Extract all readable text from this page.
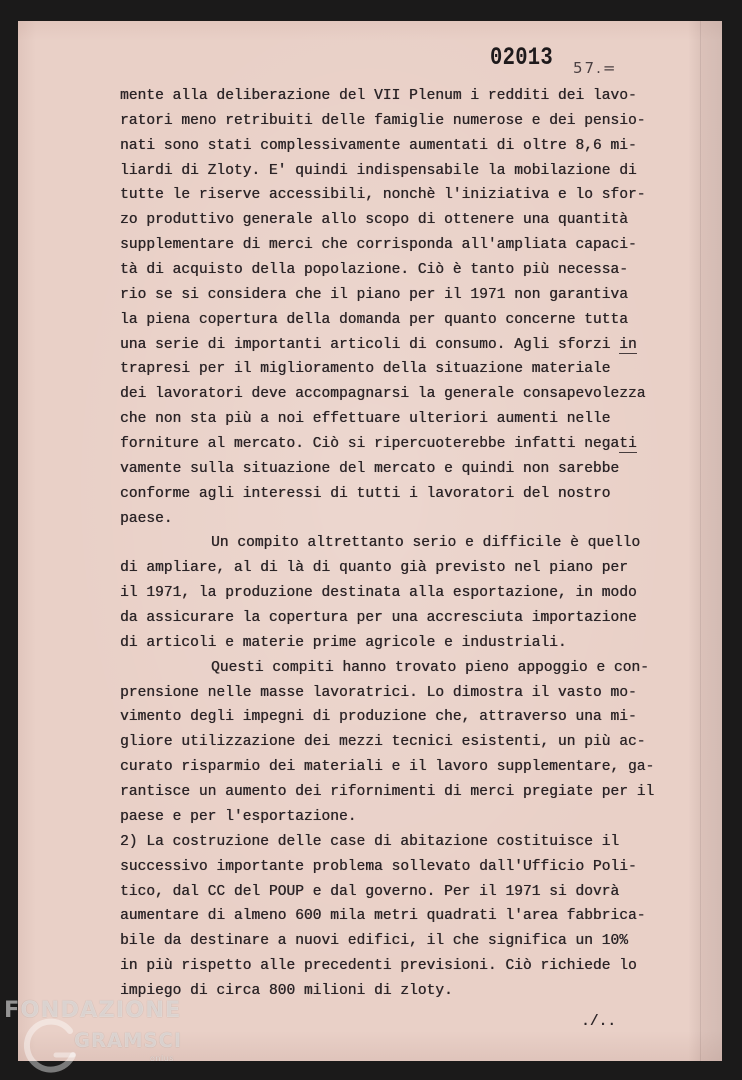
02013 57.=
mente alla deliberazione del VII Plenum i redditi dei lavo-
ratori meno retribuiti delle famiglie numerose e dei pensio-
nati sono stati complessivamente aumentati di oltre 8,6 mi-
liardi di Zloty. E' quindi indispensabile la mobilazione di
tutte le riserve accessibili, nonchè l'iniziativa e lo sfor-
zo produttivo generale allo scopo di ottenere una quantità
supplementare di merci che corrisponda all'ampliata capaci-
tà di acquisto della popolazione. Ciò è tanto più necessa-
rio se si considera che il piano per il 1971 non garantiva
la piena copertura della domanda per quanto concerne tutta
una serie di importanti articoli di consumo. Agli sforzi in
trapresi per il miglioramento della situazione materiale
dei lavoratori deve accompagnarsi la generale consapevolezza
che non sta più a noi effettuare ulteriori aumenti nelle
forniture al mercato. Ciò si ripercuoterebbe infatti negati
vamente sulla situazione del mercato e quindi non sarebbe
conforme agli interessi di tutti i lavoratori del nostro
paese.
Un compito altrettanto serio e difficile è quello
di ampliare, al di là di quanto già previsto nel piano per
il 1971, la produzione destinata alla esportazione, in modo
da assicurare la copertura per una accresciuta importazione
di articoli e materie prime agricole e industriali.
Questi compiti hanno trovato pieno appoggio e con-
prensione nelle masse lavoratrici. Lo dimostra il vasto mo-
vimento degli impegni di produzione che, attraverso una mi-
gliore utilizzazione dei mezzi tecnici esistenti, un più ac-
curato risparmio dei materiali e il lavoro supplementare, ga-
rantisce un aumento dei rifornimenti di merci pregiate per il
paese e per l'esportazione.
2) La costruzione delle case di abitazione costituisce il
successivo importante problema sollevato dall'Ufficio Poli-
tico, dal CC del POUP e dal governo. Per il 1971 si dovrà
aumentare di almeno 600 mila metri quadrati l'area fabbrica-
bile da destinare a nuovi edifici, il che significa un 10%
in più rispetto alle precedenti previsioni. Ciò richiede lo
impiego di circa 800 milioni di zloty.
./..
FONDAZIONE
GRAMSCI
onlus
